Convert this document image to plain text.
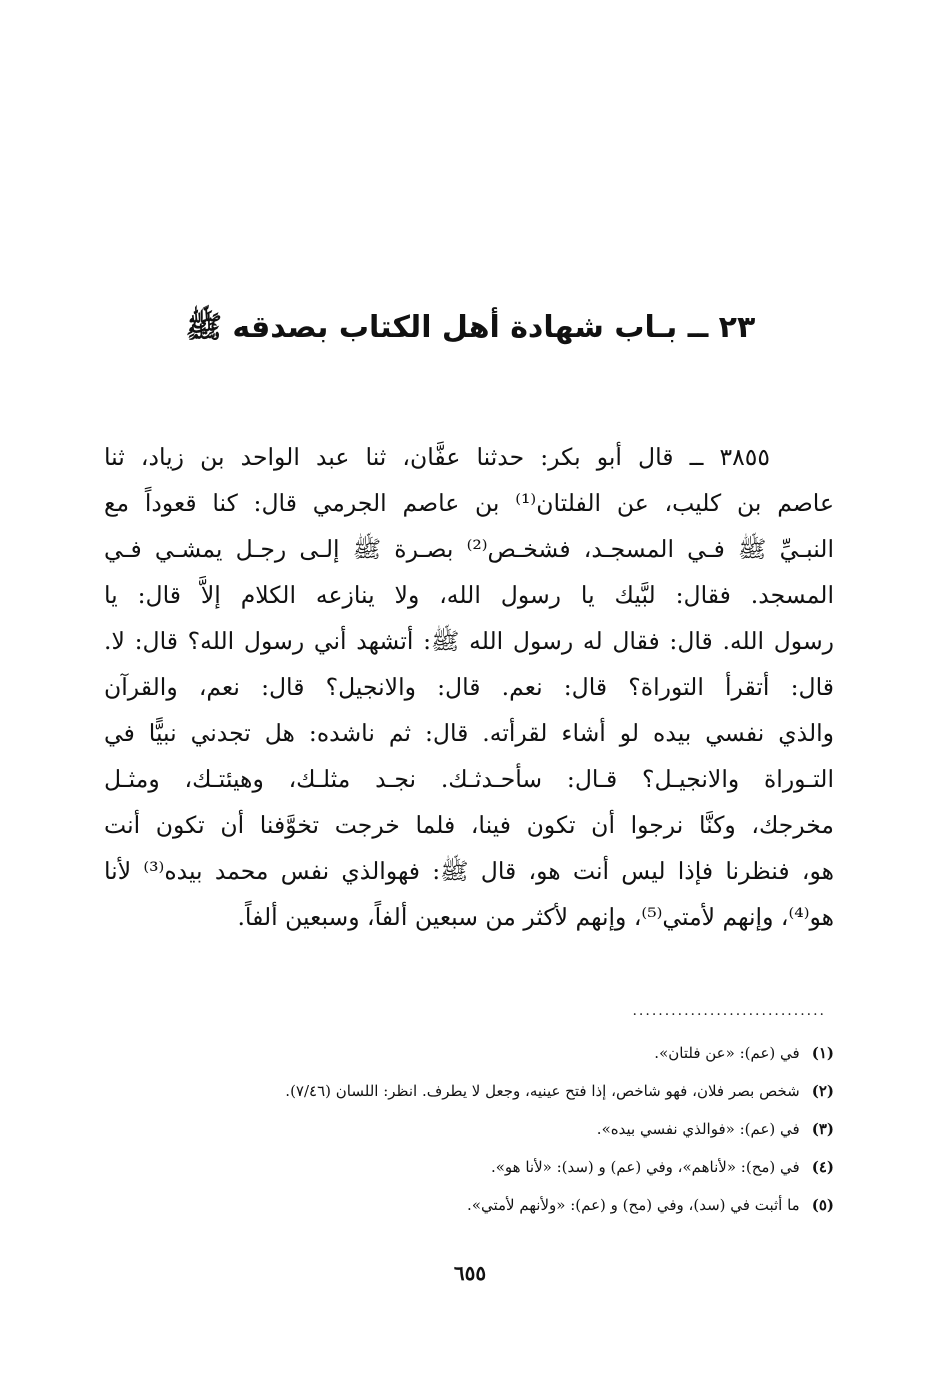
٢٣ ــ بـاب شهادة أهل الكتاب بصدقه ﷺ
٣٨٥٥ ــ قال أبو بكر: حدثنا عفَّان، ثنا عبد الواحد بن زياد، ثنا
عاصم بن كليب، عن الفلتان⁽¹⁾ بن عاصم الجرمي قال: كنا قعوداً مع
النبـيِّ ﷺ فـي المسجـد، فشخـص⁽²⁾ بصـرة ﷺ إلـى رجـل يمشـي فـي
المسجد. فقال: لبَّيك يا رسول الله، ولا ينازعه الكلام إلاَّ قال: يا
رسول الله. قال: فقال له رسول الله ﷺ: أتشهد أني رسول الله؟ قال: لا.
قال: أتقرأ التوراة؟ قال: نعم. قال: والانجيل؟ قال: نعم، والقرآن
والذي نفسي بيده لو أشاء لقرأته. قال: ثم ناشده: هل تجدني نبيًّا في
التـوراة والانجيـل؟ قـال: سأحـدثـك. نجـد مثلـك، وهيئتـك، ومثـل
مخرجك، وكنَّا نرجوا أن تكون فينا، فلما خرجت تخوَّفنا أن تكون أنت
هو، فنظرنا فإذا ليس أنت هو، قال ﷺ: فهوالذي نفس محمد بيده⁽³⁾ لأنا
هو⁽⁴⁾، وإنهم لأمتي⁽⁵⁾، وإنهم لأكثر من سبعين ألفاً، وسبعين ألفاً.
..............................
(١)في (عم): «عن فلتان».
(٢)شخص بصر فلان، فهو شاخص، إذا فتح عينيه، وجعل لا يطرف. انظر: اللسان (٧/٤٦).
(٣)في (عم): «فوالذي نفسي بيده».
(٤)في (مح): «لأناهم»، وفي (عم) و (سد): «لأنا هو».
(٥)ما أثبت في (سد)، وفي (مح) و (عم): «ولأنهم لأمتي».
٦٥٥
